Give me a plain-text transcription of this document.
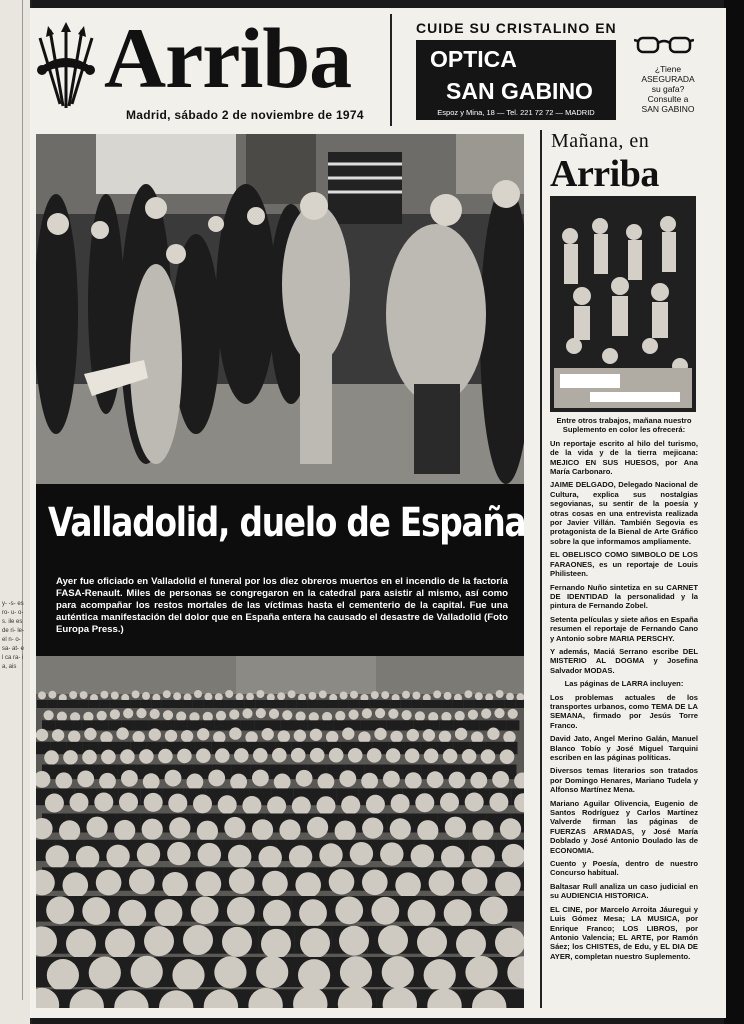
y- -s- es ro- u- o- s. ile es de ri- le- el n- o- sa- at- el ca ra- ia, ais
Arriba
Madrid, sábado 2 de noviembre de 1974
CUIDE SU CRISTALINO EN
OPTICA
SAN GABINO
Espoz y Mina, 18 — Tel. 221 72 72 — MADRID
¿Tiene
ASEGURADA
su gafa?
Consulte a
SAN GABINO
Valladolid, duelo de España
Ayer fue oficiado en Valladolid el funeral por los diez obreros muertos en el incendio de la factoría FASA-Renault. Miles de personas se congregaron en la catedral para asistir al mismo, así como para acompañar los restos mortales de las víctimas hasta el cementerio de la capital. Fue una auténtica manifestación del dolor que en España entera ha causado el desastre de Valladolid (Foto Europa Press.)
Mañana, en
Arriba

Entre otros trabajos, mañana nuestro Suplemento en color les ofrecerá:

Un reportaje escrito al hilo del turismo, de la vida y de la tierra mejicana: MEJICO EN SUS HUESOS, por Ana María Carbonaro.

JAIME DELGADO, Delegado Nacional de Cultura, explica sus nostalgias segovianas, su sentir de la poesía y otras cosas en una entrevista realizada por Javier Villán. También Segovia es protagonista de la Bienal de Arte Gráfico sobre la que informamos ampliamente.

EL OBELISCO COMO SIMBOLO DE LOS FARAONES, es un reportaje de Louis Philisteen.

Fernando Nuño sintetiza en su CARNET DE IDENTIDAD la personalidad y la pintura de Fernando Zobel.

Setenta películas y siete años en España resumen el reportaje de Fernando Cano y Antonio sobre MARIA PERSCHY.

Y además, Maciá Serrano escribe DEL MISTERIO AL DOGMA y Josefina Salvador MODAS.

Las páginas de LARRA incluyen:

Los problemas actuales de los transportes urbanos, como TEMA DE LA SEMANA, firmado por Jesús Torre Franco.

David Jato, Angel Merino Galán, Manuel Blanco Tobío y José Miguel Tarquini escriben en las páginas políticas.

Diversos temas literarios son tratados por Domingo Henares, Mariano Tudela y Alfonso Martínez Mena.

Mariano Aguilar Olivencia, Eugenio de Santos Rodríguez y Carlos Martínez Valverde firman las páginas de FUERZAS ARMADAS, y José María Doblado y José Antonio Doulado las de ECONOMIA.

Cuento y Poesía, dentro de nuestro Concurso habitual.

Baltasar Rull analiza un caso judicial en su AUDIENCIA HISTORICA.

EL CINE, por Marcelo Arroita Jáuregui y Luis Gómez Mesa; LA MUSICA, por Enrique Franco; LOS LIBROS, por Antonio Valencia; EL ARTE, por Ramón Sáez; los CHISTES, de Edu, y EL DIA DE AYER, completan nuestro Suplemento.
